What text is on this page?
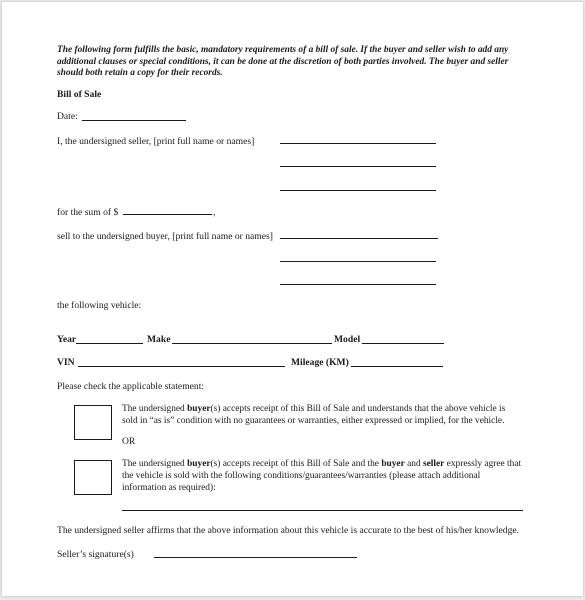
The following form fulfills the basic, mandatory requirements of a bill of sale. If the buyer and seller wish to add any
additional clauses or special conditions, it can be done at the discretion of both parties involved. The buyer and seller
should both retain a copy for their records.
Bill of Sale
Date:
I, the undersigned seller, [print full name or names]
for the sum of $	,
sell to the undersigned buyer, [print full name or names]
the following vehicle:
Year	Make	Model
VIN	Mileage (KM)
Please check the applicable statement:
The undersigned buyer(s) accepts receipt of this Bill of Sale and understands that the above vehicle is
sold in “as is” condition with no guarantees or warranties, either expressed or implied, for the vehicle.
OR
The undersigned buyer(s) accepts receipt of this Bill of Sale and the buyer and seller expressly agree that
the vehicle is sold with the following conditions/guarantees/warranties (please attach additional
information as required):
The undersigned seller affirms that the above information about this vehicle is accurate to the best of his/her knowledge.
Seller’s signature(s)
